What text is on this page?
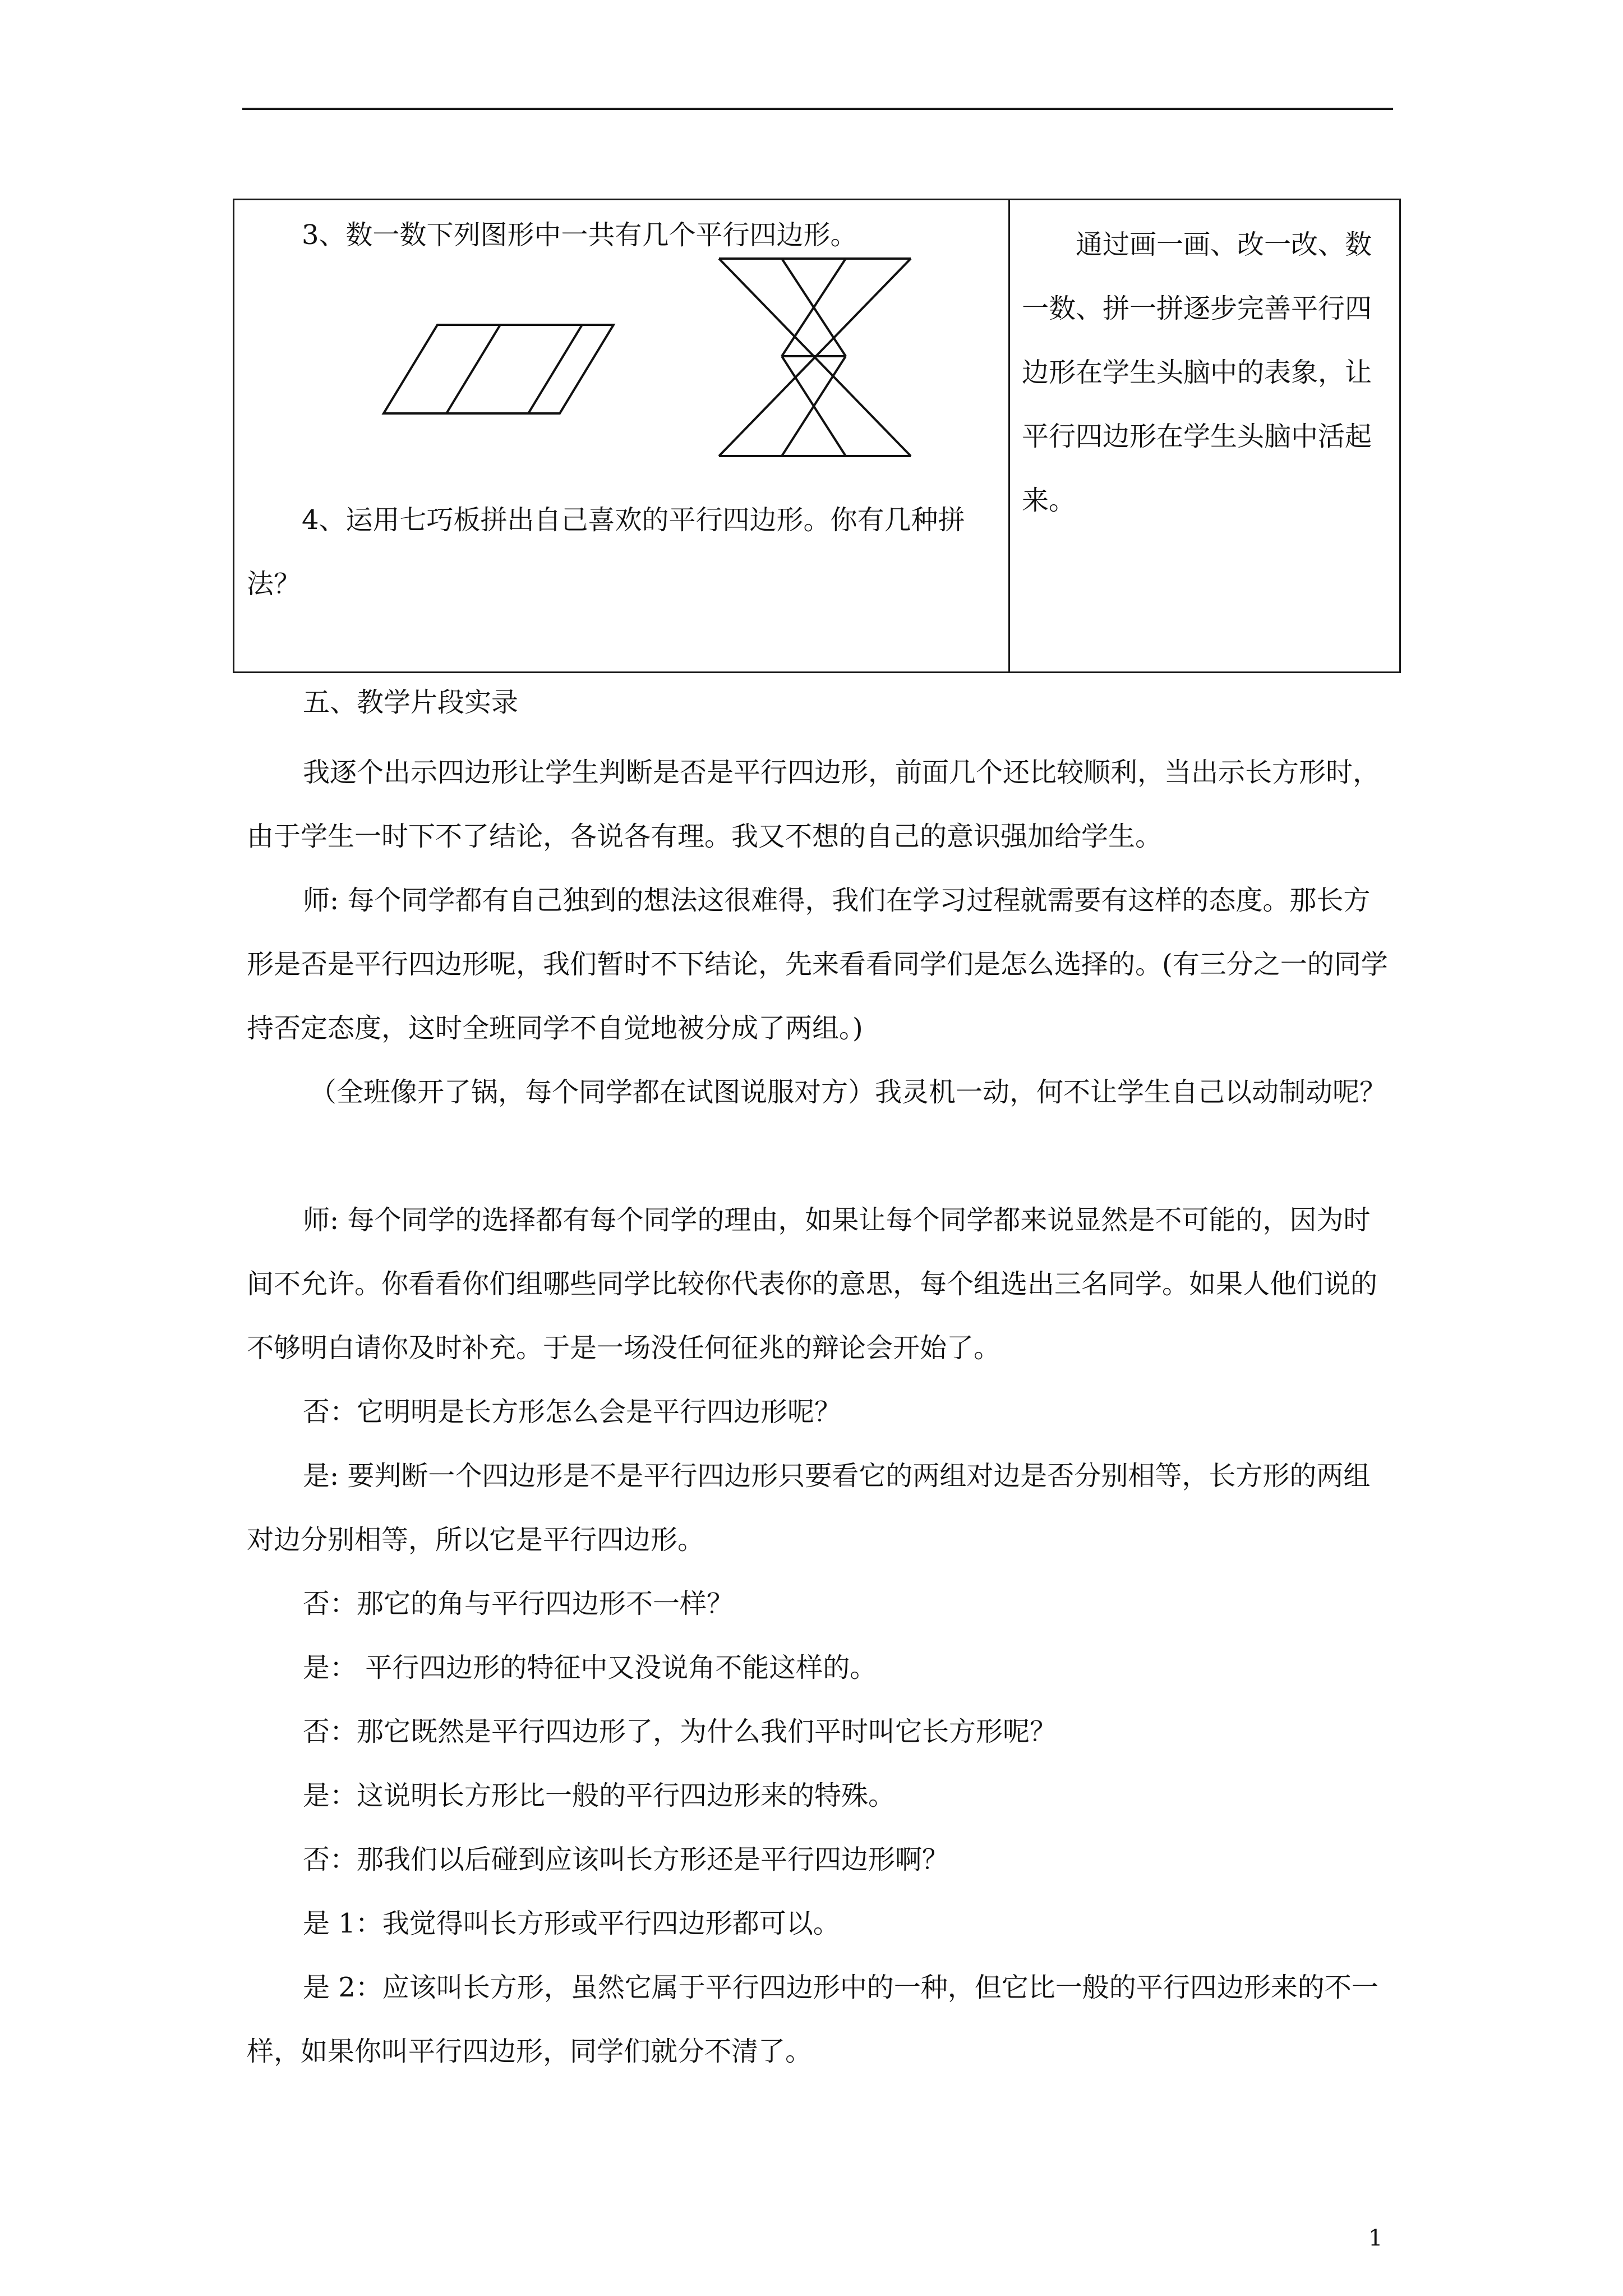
3、数一数下列图形中一共有几个平行四边形。
4、运用七巧板拼出自己喜欢的平行四边形。你有几种拼法？
通过画一画、改一改、数一数、拼一拼逐步完善平行四边形在学生头脑中的表象，让平行四边形在学生头脑中活起来。
五、教学片段实录
我逐个出示四边形让学生判断是否是平行四边形，前面几个还比较顺利，当出示长方形时，由于学生一时下不了结论，各说各有理。我又不想的自己的意识强加给学生。
师: 每个同学都有自己独到的想法这很难得，我们在学习过程就需要有这样的态度。那长方形是否是平行四边形呢，我们暂时不下结论，先来看看同学们是怎么选择的。(有三分之一的同学持否定态度，这时全班同学不自觉地被分成了两组。)
（全班像开了锅，每个同学都在试图说服对方）我灵机一动，何不让学生自己以动制动呢？
师: 每个同学的选择都有每个同学的理由，如果让每个同学都来说显然是不可能的，因为时间不允许。你看看你们组哪些同学比较你代表你的意思，每个组选出三名同学。如果人他们说的不够明白请你及时补充。于是一场没任何征兆的辩论会开始了。
否：它明明是长方形怎么会是平行四边形呢？
是: 要判断一个四边形是不是平行四边形只要看它的两组对边是否分别相等，长方形的两组对边分别相等，所以它是平行四边形。
否：那它的角与平行四边形不一样？
是： 平行四边形的特征中又没说角不能这样的。
否：那它既然是平行四边形了，为什么我们平时叫它长方形呢？
是：这说明长方形比一般的平行四边形来的特殊。
否：那我们以后碰到应该叫长方形还是平行四边形啊？
是 1：我觉得叫长方形或平行四边形都可以。
是 2：应该叫长方形，虽然它属于平行四边形中的一种，但它比一般的平行四边形来的不一样，如果你叫平行四边形，同学们就分不清了。
1
